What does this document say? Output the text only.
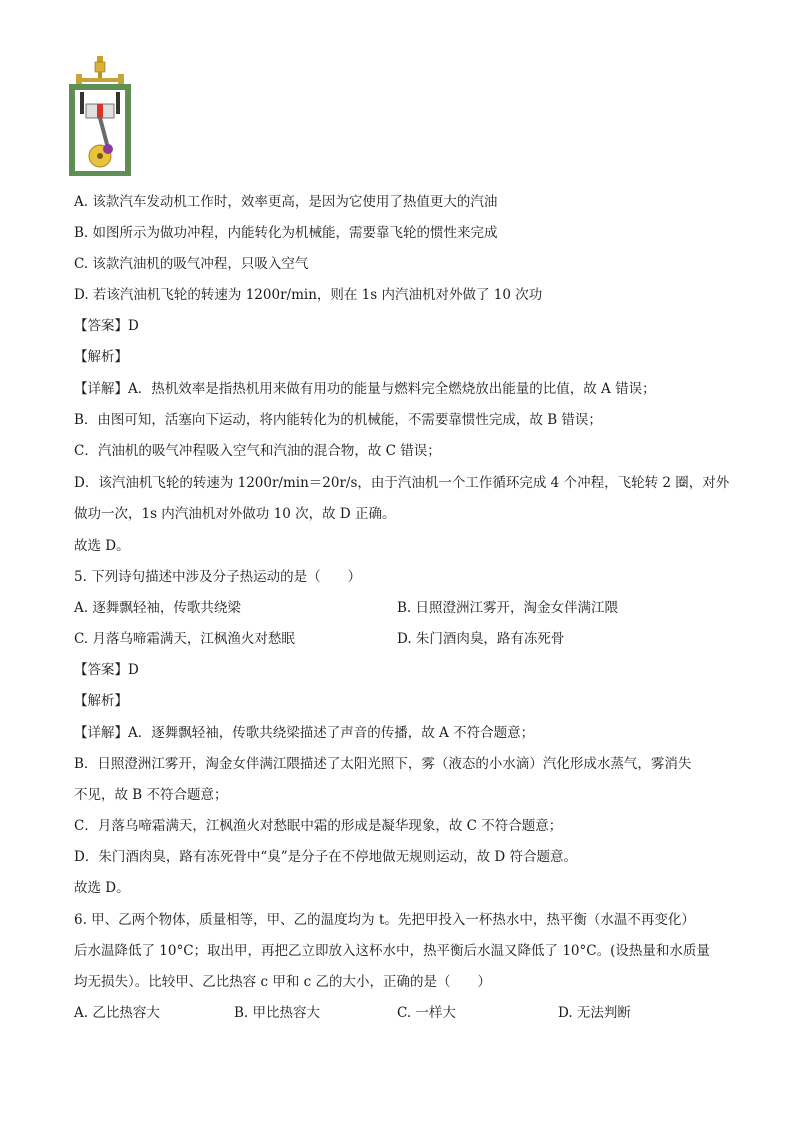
A. 该款汽车发动机工作时，效率更高，是因为它使用了热值更大的汽油
B. 如图所示为做功冲程，内能转化为机械能，需要靠飞轮的惯性来完成
C. 该款汽油机的吸气冲程，只吸入空气
D. 若该汽油机飞轮的转速为 1200r/min，则在 1s 内汽油机对外做了 10 次功
【答案】D
【解析】
【详解】A．热机效率是指热机用来做有用功的能量与燃料完全燃烧放出能量的比值，故 A 错误；
B．由图可知，活塞向下运动，将内能转化为的机械能，不需要靠惯性完成，故 B 错误；
C．汽油机的吸气冲程吸入空气和汽油的混合物，故 C 错误；
D．该汽油机飞轮的转速为 1200r/min＝20r/s，由于汽油机一个工作循环完成 4 个冲程，飞轮转 2 圈，对外
做功一次，1s 内汽油机对外做功 10 次，故 D 正确。
故选 D。
5. 下列诗句描述中涉及分子热运动的是（　　）
A. 逐舞飘轻袖，传歌共绕梁	B. 日照澄洲江雾开，淘金女伴满江隈
C. 月落乌啼霜满天，江枫渔火对愁眠	D. 朱门酒肉臭，路有冻死骨
【答案】D
【解析】
【详解】A．逐舞飘轻袖，传歌共绕梁描述了声音的传播，故 A 不符合题意；
B．日照澄洲江雾开，淘金女伴满江隈描述了太阳光照下，雾（液态的小水滴）汽化形成水蒸气，雾消失
不见，故 B 不符合题意；
C．月落乌啼霜满天，江枫渔火对愁眠中霜的形成是凝华现象，故 C 不符合题意；
D．朱门酒肉臭，路有冻死骨中“臭”是分子在不停地做无规则运动，故 D 符合题意。
故选 D。
6. 甲、乙两个物体，质量相等，甲、乙的温度均为 t。先把甲投入一杯热水中，热平衡（水温不再变化）
后水温降低了 10°C；取出甲，再把乙立即放入这杯水中，热平衡后水温又降低了 10°C。(设热量和水质量
均无损失）。比较甲、乙比热容 c 甲和 c 乙的大小，正确的是（　　）
A. 乙比热容大	B. 甲比热容大	C. 一样大	D. 无法判断
